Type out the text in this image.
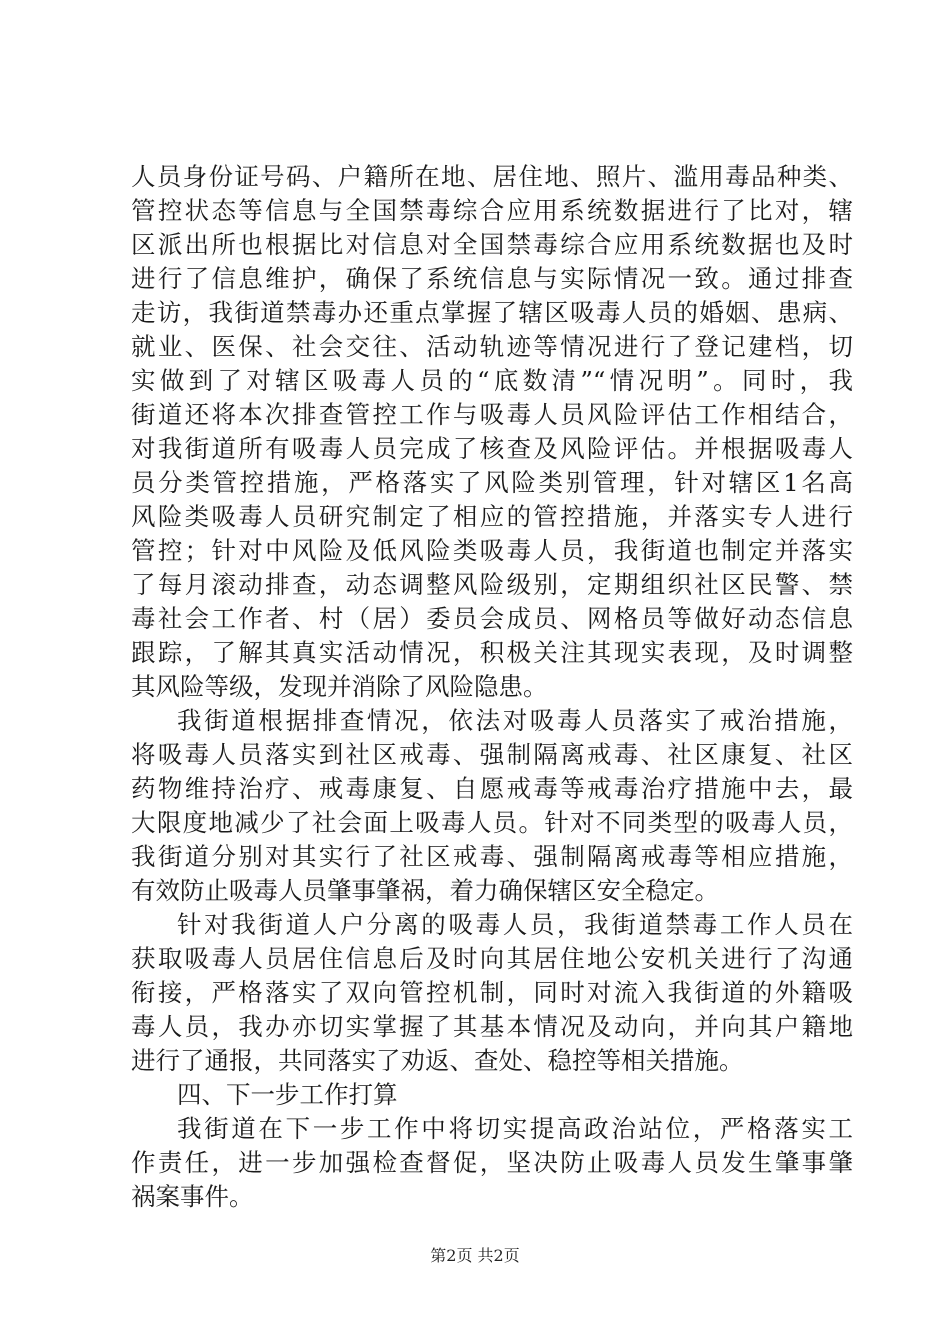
人员身份证号码、户籍所在地、居住地、照片、滥用毒品种类、
管控状态等信息与全国禁毒综合应用系统数据进行了比对，辖
区派出所也根据比对信息对全国禁毒综合应用系统数据也及时
进行了信息维护，确保了系统信息与实际情况一致。通过排查
走访，我街道禁毒办还重点掌握了辖区吸毒人员的婚姻、患病、
就业、医保、社会交往、活动轨迹等情况进行了登记建档，切
实做到了对辖区吸毒人员的“底数清”“情况明”。同时，我
街道还将本次排查管控工作与吸毒人员风险评估工作相结合，
对我街道所有吸毒人员完成了核查及风险评估。并根据吸毒人
员分类管控措施，严格落实了风险类别管理，针对辖区1名高
风险类吸毒人员研究制定了相应的管控措施，并落实专人进行
管控；针对中风险及低风险类吸毒人员，我街道也制定并落实
了每月滚动排查，动态调整风险级别，定期组织社区民警、禁
毒社会工作者、村（居）委员会成员、网格员等做好动态信息
跟踪，了解其真实活动情况，积极关注其现实表现，及时调整
其风险等级，发现并消除了风险隐患。
我街道根据排查情况，依法对吸毒人员落实了戒治措施，
将吸毒人员落实到社区戒毒、强制隔离戒毒、社区康复、社区
药物维持治疗、戒毒康复、自愿戒毒等戒毒治疗措施中去，最
大限度地减少了社会面上吸毒人员。针对不同类型的吸毒人员，
我街道分别对其实行了社区戒毒、强制隔离戒毒等相应措施，
有效防止吸毒人员肇事肇祸，着力确保辖区安全稳定。
针对我街道人户分离的吸毒人员，我街道禁毒工作人员在
获取吸毒人员居住信息后及时向其居住地公安机关进行了沟通
衔接，严格落实了双向管控机制，同时对流入我街道的外籍吸
毒人员，我办亦切实掌握了其基本情况及动向，并向其户籍地
进行了通报，共同落实了劝返、查处、稳控等相关措施。
四、下一步工作打算
我街道在下一步工作中将切实提高政治站位，严格落实工
作责任，进一步加强检查督促，坚决防止吸毒人员发生肇事肇
祸案事件。
第2页 共2页
